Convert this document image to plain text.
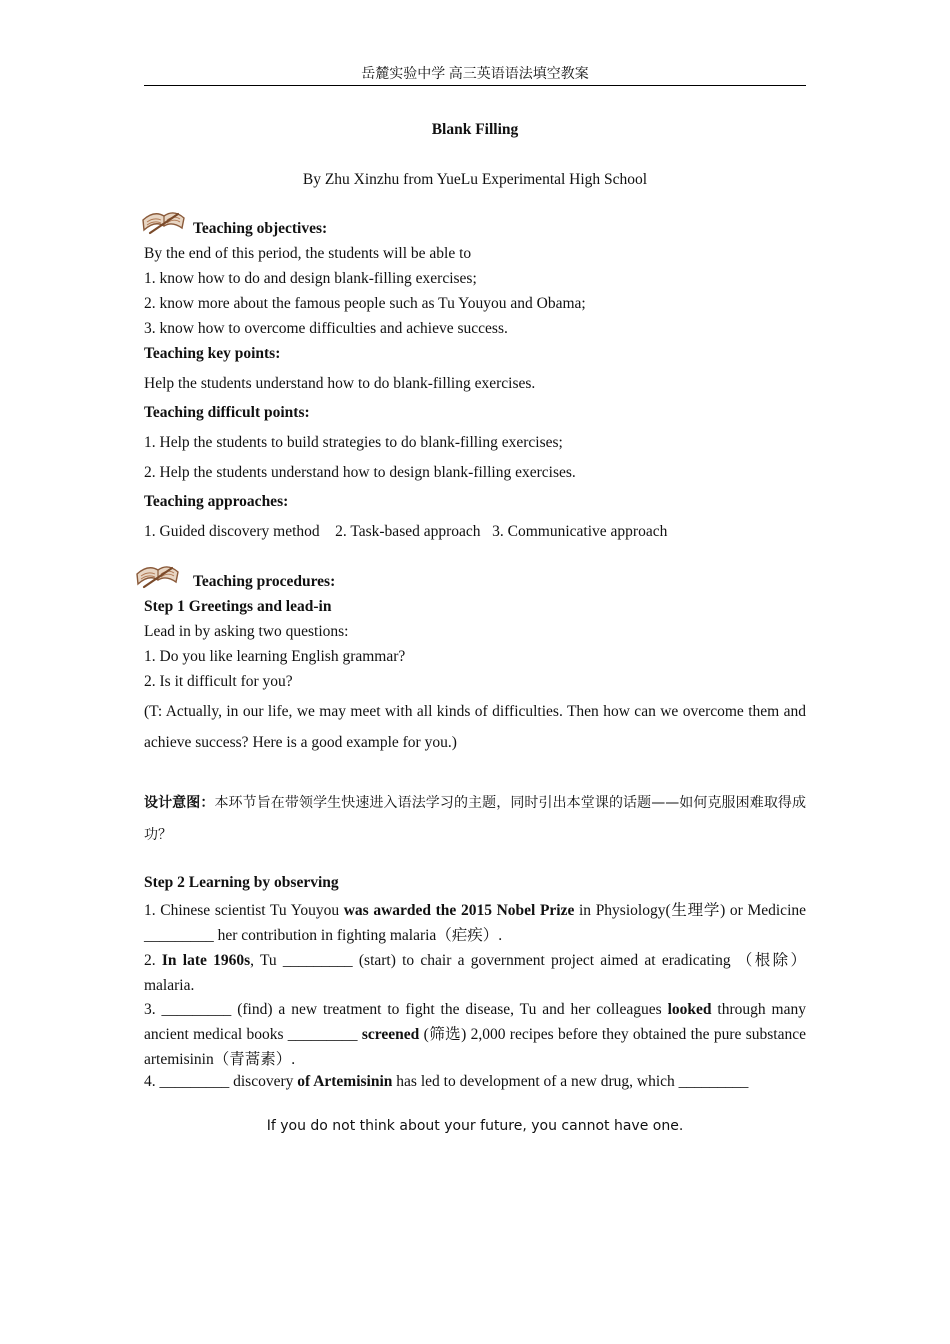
岳麓实验中学 高三英语语法填空教案
Blank Filling
By Zhu Xinzhu from YueLu Experimental High School
Teaching objectives:
By the end of this period, the students will be able to
1. know how to do and design blank-filling exercises;
2. know more about the famous people such as Tu Youyou and Obama;
3. know how to overcome difficulties and achieve success.
Teaching key points:
Help the students understand how to do blank-filling exercises.
Teaching difficult points:
1. Help the students to build strategies to do blank-filling exercises;
2. Help the students understand how to design blank-filling exercises.
Teaching approaches:
1. Guided discovery method    2. Task-based approach   3. Communicative approach
Teaching procedures:
Step 1 Greetings and lead-in
Lead in by asking two questions:
1. Do you like learning English grammar?
2. Is it difficult for you?
(T: Actually, in our life, we may meet with all kinds of difficulties. Then how can we overcome them and achieve success? Here is a good example for you.)
设计意图：本环节旨在带领学生快速进入语法学习的主题，同时引出本堂课的话题——如何克服困难取得成功？
Step 2 Learning by observing
1. Chinese scientist Tu Youyou was awarded the 2015 Nobel Prize in Physiology(生理学) or Medicine _________ her contribution in fighting malaria（疟疾）.
2. In late 1960s, Tu _________ (start) to chair a government project aimed at eradicating （根除） malaria.
3. _________ (find) a new treatment to fight the disease, Tu and her colleagues looked through many ancient medical books _________ screened (筛选) 2,000 recipes before they obtained the pure substance artemisinin（青蒿素）.
4. _________ discovery of Artemisinin has led to development of a new drug, which _________
If you do not think about your future, you cannot have one.
